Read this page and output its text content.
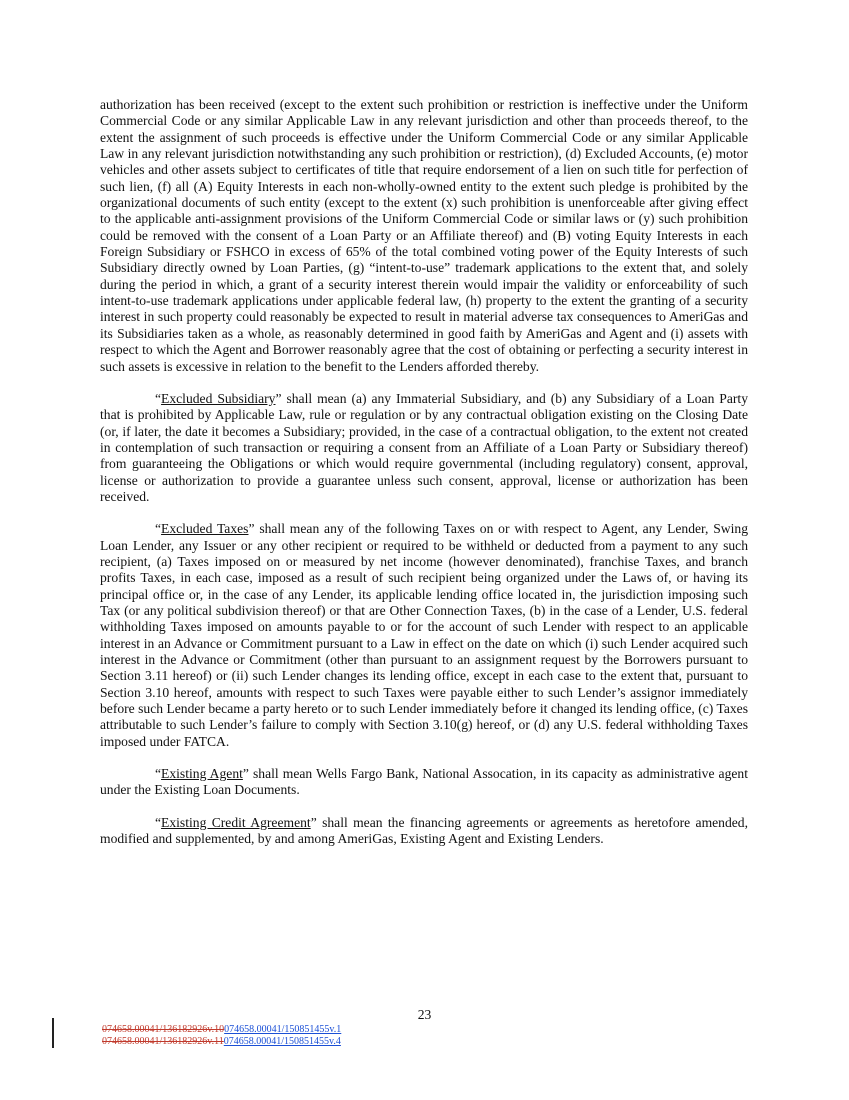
authorization has been received (except to the extent such prohibition or restriction is ineffective under the Uniform Commercial Code or any similar Applicable Law in any relevant jurisdiction and other than proceeds thereof, to the extent the assignment of such proceeds is effective under the Uniform Commercial Code or any similar Applicable Law in any relevant jurisdiction notwithstanding any such prohibition or restriction), (d) Excluded Accounts, (e) motor vehicles and other assets subject to certificates of title that require endorsement of a lien on such title for perfection of such lien, (f) all (A) Equity Interests in each non-wholly-owned entity to the extent such pledge is prohibited by the organizational documents of such entity (except to the extent (x) such prohibition is unenforceable after giving effect to the applicable anti-assignment provisions of the Uniform Commercial Code or similar laws or (y) such prohibition could be removed with the consent of a Loan Party or an Affiliate thereof) and (B) voting Equity Interests in each Foreign Subsidiary or FSHCO in excess of 65% of the total combined voting power of the Equity Interests of such Subsidiary directly owned by Loan Parties, (g) “intent-to-use” trademark applications to the extent that, and solely during the period in which, a grant of a security interest therein would impair the validity or enforceability of such intent-to-use trademark applications under applicable federal law, (h) property to the extent the granting of a security interest in such property could reasonably be expected to result in material adverse tax consequences to AmeriGas and its Subsidiaries taken as a whole, as reasonably determined in good faith by AmeriGas and Agent and (i) assets with respect to which the Agent and Borrower reasonably agree that the cost of obtaining or perfecting a security interest in such assets is excessive in relation to the benefit to the Lenders afforded thereby.

“Excluded Subsidiary” shall mean (a) any Immaterial Subsidiary, and (b) any Subsidiary of a Loan Party that is prohibited by Applicable Law, rule or regulation or by any contractual obligation existing on the Closing Date (or, if later, the date it becomes a Subsidiary; provided, in the case of a contractual obligation, to the extent not created in contemplation of such transaction or requiring a consent from an Affiliate of a Loan Party or Subsidiary thereof) from guaranteeing the Obligations or which would require governmental (including regulatory) consent, approval, license or authorization to provide a guarantee unless such consent, approval, license or authorization has been received.

“Excluded Taxes” shall mean any of the following Taxes on or with respect to Agent, any Lender, Swing Loan Lender, any Issuer or any other recipient or required to be withheld or deducted from a payment to any such recipient, (a) Taxes imposed on or measured by net income (however denominated), franchise Taxes, and branch profits Taxes, in each case, imposed as a result of such recipient being organized under the Laws of, or having its principal office or, in the case of any Lender, its applicable lending office located in, the jurisdiction imposing such Tax (or any political subdivision thereof) or that are Other Connection Taxes, (b) in the case of a Lender, U.S. federal withholding Taxes imposed on amounts payable to or for the account of such Lender with respect to an applicable interest in an Advance or Commitment pursuant to a Law in effect on the date on which (i) such Lender acquired such interest in the Advance or Commitment (other than pursuant to an assignment request by the Borrowers pursuant to Section 3.11 hereof) or (ii) such Lender changes its lending office, except in each case to the extent that, pursuant to Section 3.10 hereof, amounts with respect to such Taxes were payable either to such Lender’s assignor immediately before such Lender became a party hereto or to such Lender immediately before it changed its lending office, (c) Taxes attributable to such Lender’s failure to comply with Section 3.10(g) hereof, or (d) any U.S. federal withholding Taxes imposed under FATCA.

“Existing Agent” shall mean Wells Fargo Bank, National Assocation, in its capacity as administrative agent under the Existing Loan Documents.

“Existing Credit Agreement” shall mean the financing agreements or agreements as heretofore amended, modified and supplemented, by and among AmeriGas, Existing Agent and Existing Lenders.

23
074658.00041/136182926v.10074658.00041/150851455v.1
074658.00041/136182926v.11074658.00041/150851455v.4
